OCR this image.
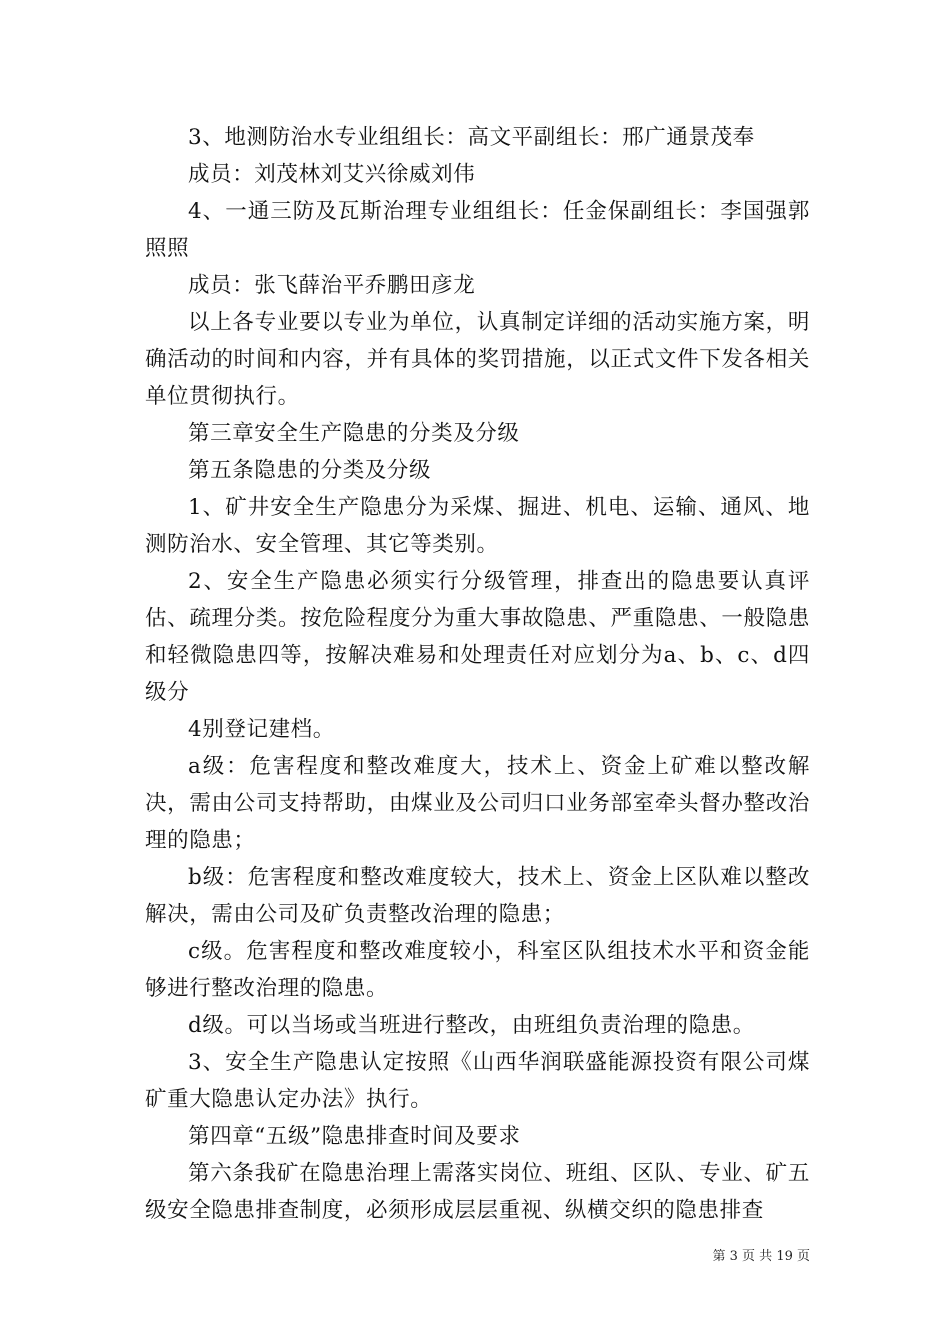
3、地测防治水专业组组长：高文平副组长：邢广通景茂奉

成员：刘茂林刘艾兴徐威刘伟

4、一通三防及瓦斯治理专业组组长：任金保副组长：李国强郭照照

成员：张飞薛治平乔鹏田彦龙

以上各专业要以专业为单位，认真制定详细的活动实施方案，明确活动的时间和内容，并有具体的奖罚措施，以正式文件下发各相关单位贯彻执行。

第三章安全生产隐患的分类及分级

第五条隐患的分类及分级

1、矿井安全生产隐患分为采煤、掘进、机电、运输、通风、地测防治水、安全管理、其它等类别。

2、安全生产隐患必须实行分级管理，排查出的隐患要认真评估、疏理分类。按危险程度分为重大事故隐患、严重隐患、一般隐患和轻微隐患四等，按解决难易和处理责任对应划分为a、b、c、d四级分

4别登记建档。

a级：危害程度和整改难度大，技术上、资金上矿难以整改解决，需由公司支持帮助，由煤业及公司归口业务部室牵头督办整改治理的隐患；

b级：危害程度和整改难度较大，技术上、资金上区队难以整改解决，需由公司及矿负责整改治理的隐患；

c级。危害程度和整改难度较小，科室区队组技术水平和资金能够进行整改治理的隐患。

d级。可以当场或当班进行整改，由班组负责治理的隐患。

3、安全生产隐患认定按照《山西华润联盛能源投资有限公司煤矿重大隐患认定办法》执行。

第四章“五级”隐患排查时间及要求

第六条我矿在隐患治理上需落实岗位、班组、区队、专业、矿五级安全隐患排查制度，必须形成层层重视、纵横交织的隐患排查

第 3 页 共 19 页
